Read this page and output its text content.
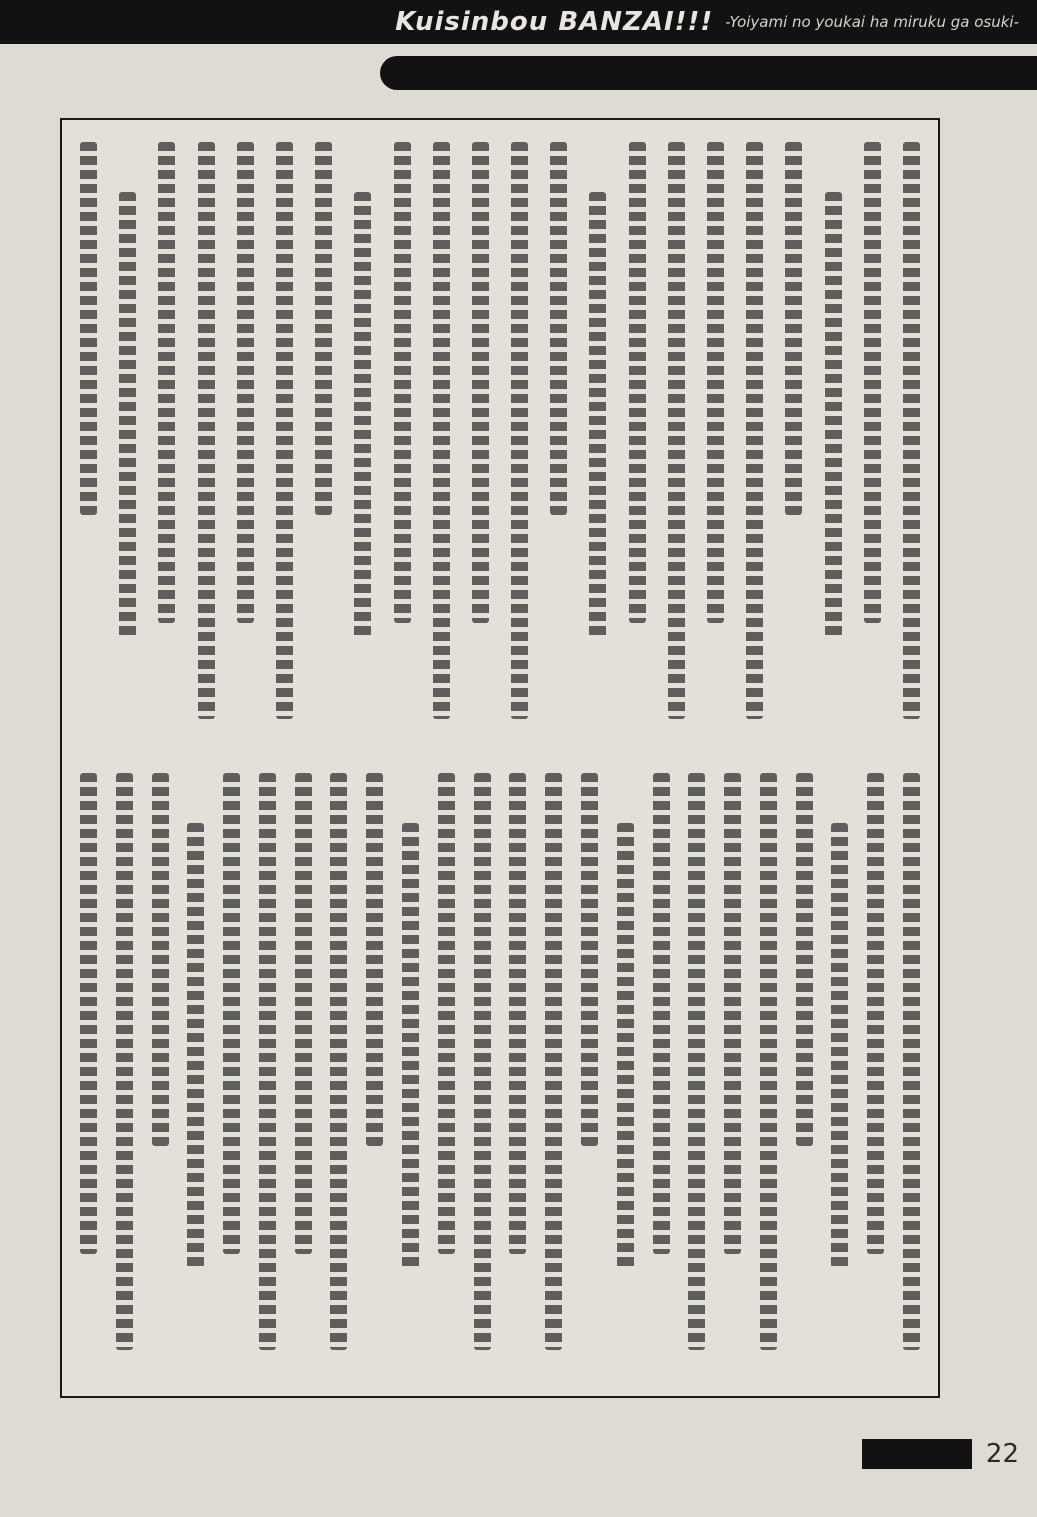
Kuisinbou BANZAI!!! -Yoiyami no youkai ha miruku ga osuki-
22
